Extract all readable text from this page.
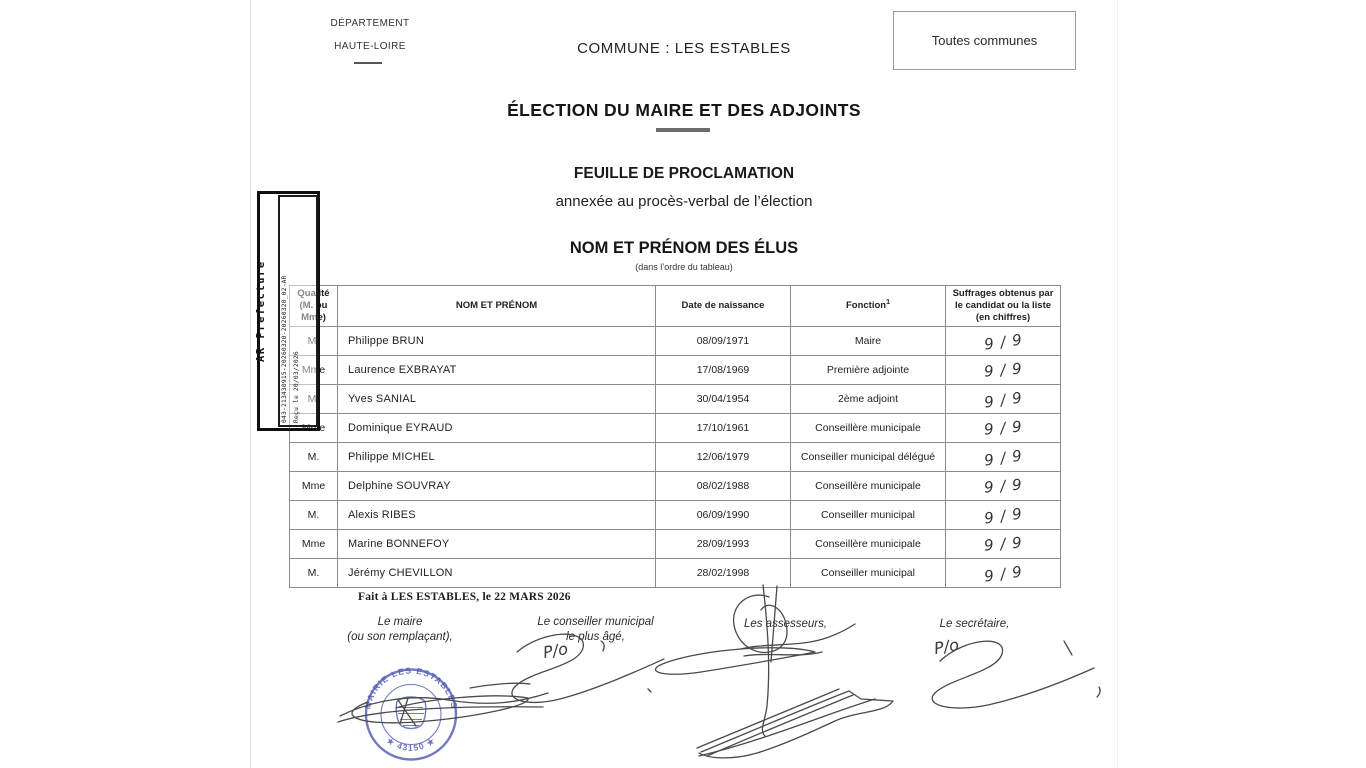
DÉPARTEMENT
HAUTE-LOIRE	COMMUNE : LES ESTABLES	Toutes communes
ÉLECTION DU MAIRE ET DES ADJOINTS
FEUILLE DE PROCLAMATION
annexée au procès-verbal de l’élection
NOM ET PRÉNOM DES ÉLUS
(dans l’ordre du tableau)
Qualité (M. ou Mme)	NOM ET PRÉNOM	Date de naissance	Fonction$^1$	Suffrages obtenus par le candidat ou la liste (en chiffres)
M.	Philippe BRUN	08/09/1971	Maire	9 / 9
Mme	Laurence EXBRAYAT	17/08/1969	Première adjointe	9 / 9
M.	Yves SANIAL	30/04/1954	2ème adjoint	9 / 9
Mme	Dominique EYRAUD	17/10/1961	Conseillère municipale	9 / 9
M.	Philippe MICHEL	12/06/1979	Conseiller municipal délégué	9 / 9
Mme	Delphine SOUVRAY	08/02/1988	Conseillère municipale	9 / 9
M.	Alexis RIBES	06/09/1990	Conseiller municipal	9 / 9
Mme	Marine BONNEFOY	28/09/1993	Conseillère municipale	9 / 9
M.	Jérémy CHEVILLON	28/02/1998	Conseiller municipal	9 / 9
AR Prefecture	043-213430915-20260320-20260320_02-AR Reçu le 20/03/2026
Fait à LES ESTABLES, le 22 MARS 2026
Le maire
(ou son remplaçant),
Le conseiller municipal
le plus âgé,
Les assesseurs,	Le secrétaire,
P/o	P/o
MAIRIE LES ESTABLES
★ 43150 ★
